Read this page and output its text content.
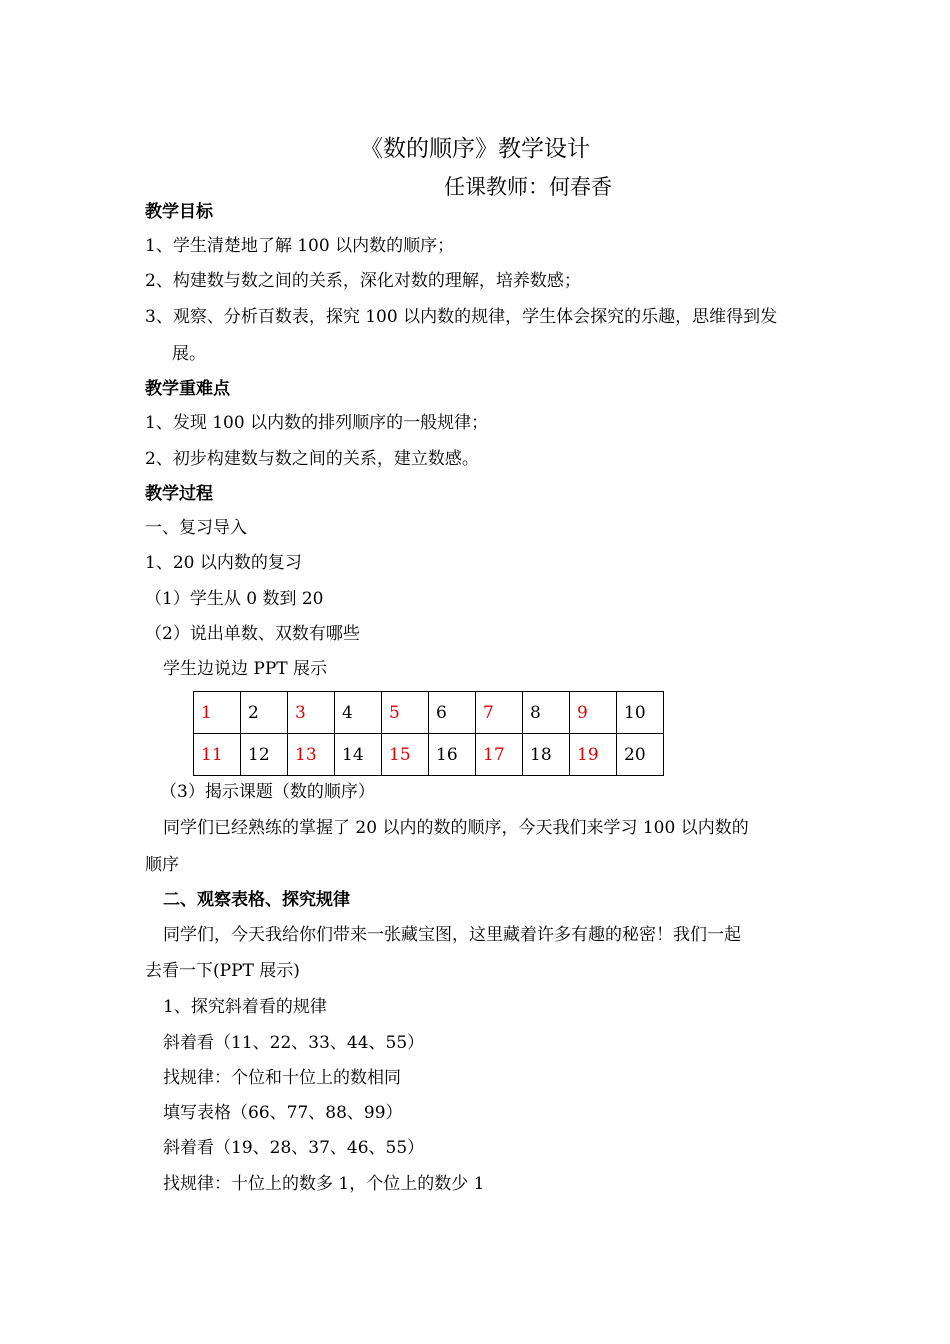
《数的顺序》教学设计
任课教师：何春香
教学目标
1、学生清楚地了解 100 以内数的顺序；
2、构建数与数之间的关系，深化对数的理解，培养数感；
3、观察、分析百数表，探究 100 以内数的规律，学生体会探究的乐趣，思维得到发
展。
教学重难点
1、发现 100 以内数的排列顺序的一般规律；
2、初步构建数与数之间的关系，建立数感。
教学过程
一、复习导入
1、20 以内数的复习
（1）学生从 0 数到 20
（2）说出单数、双数有哪些
学生边说边 PPT 展示
1	2	3	4	5	6	7	8	9	10
11	12	13	14	15	16	17	18	19	20
（3）揭示课题（数的顺序）
同学们已经熟练的掌握了 20 以内的数的顺序，今天我们来学习 100 以内数的
顺序
二、观察表格、探究规律
同学们，今天我给你们带来一张藏宝图，这里藏着许多有趣的秘密！我们一起
去看一下(PPT 展示)
1、探究斜着看的规律
斜着看（11、22、33、44、55）
找规律：个位和十位上的数相同
填写表格（66、77、88、99）
斜着看（19、28、37、46、55）
找规律：十位上的数多 1，个位上的数少 1
